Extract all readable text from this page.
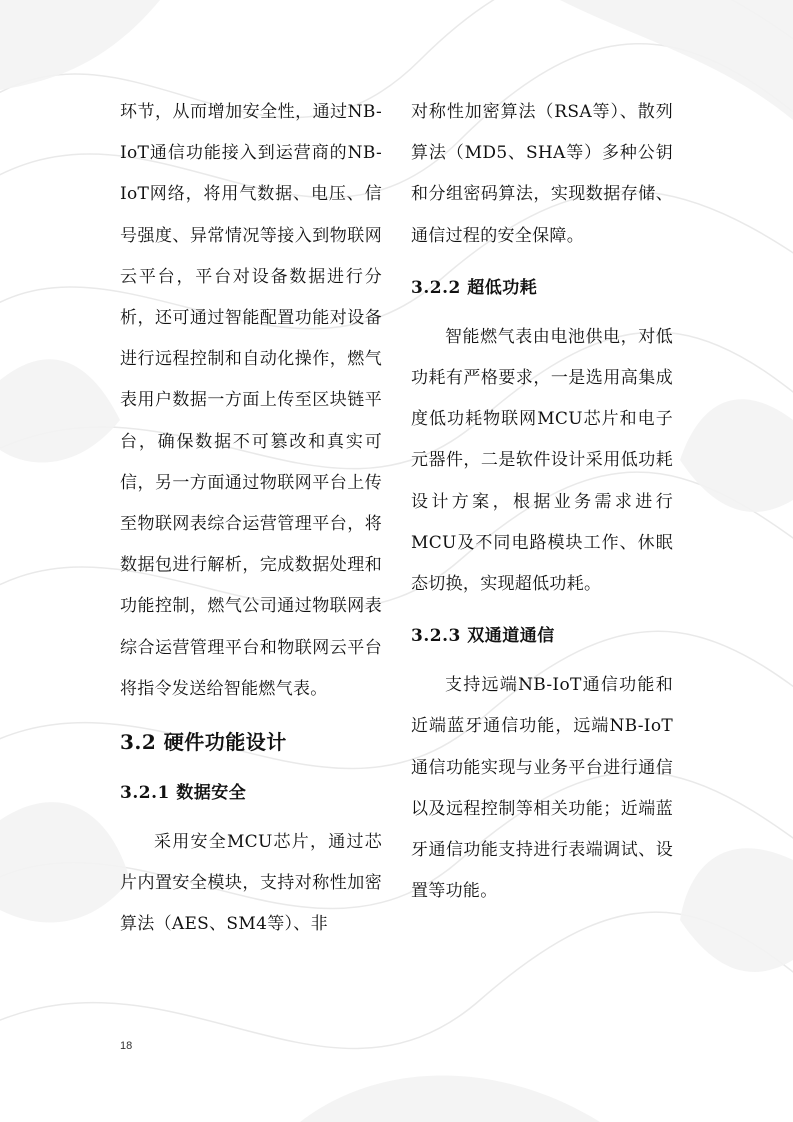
环节，从而增加安全性，通过NB-IoT通信功能接入到运营商的NB-IoT网络，将用气数据、电压、信号强度、异常情况等接入到物联网云平台，平台对设备数据进行分析，还可通过智能配置功能对设备进行远程控制和自动化操作，燃气表用户数据一方面上传至区块链平台，确保数据不可篡改和真实可信，另一方面通过物联网平台上传至物联网表综合运营管理平台，将数据包进行解析，完成数据处理和功能控制，燃气公司通过物联网表综合运营管理平台和物联网云平台将指令发送给智能燃气表。

3.2 硬件功能设计
3.2.1 数据安全

采用安全MCU芯片，通过芯片内置安全模块，支持对称性加密算法（AES、SM4等）、非

对称性加密算法（RSA等）、散列算法（MD5、SHA等）多种公钥和分组密码算法，实现数据存储、通信过程的安全保障。

3.2.2 超低功耗

智能燃气表由电池供电，对低功耗有严格要求，一是选用高集成度低功耗物联网MCU芯片和电子元器件，二是软件设计采用低功耗设计方案，根据业务需求进行MCU及不同电路模块工作、休眠态切换，实现超低功耗。

3.2.3 双通道通信

支持远端NB-IoT通信功能和近端蓝牙通信功能，远端NB-IoT通信功能实现与业务平台进行通信以及远程控制等相关功能；近端蓝牙通信功能支持进行表端调试、设置等功能。

18
